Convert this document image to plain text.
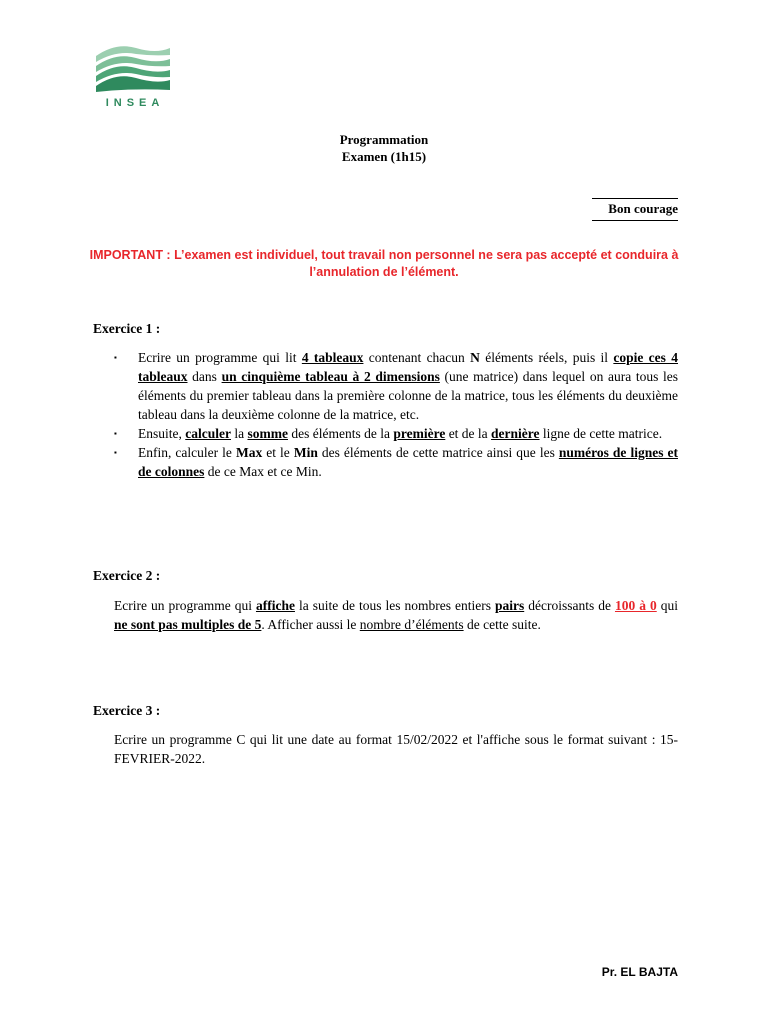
INSEA
Programmation
Examen (1h15)
Bon courage
IMPORTANT : L’examen est individuel, tout travail non personnel ne sera pas accepté et conduira à l’annulation de l’élément.
Exercice 1 :
▪ Ecrire un programme qui lit 4 tableaux contenant chacun N éléments réels, puis il copie ces 4 tableaux dans un cinquième tableau à 2 dimensions (une matrice) dans lequel on aura tous les éléments du premier tableau dans la première colonne de la matrice, tous les éléments du deuxième tableau dans la deuxième colonne de la matrice, etc.
▪ Ensuite, calculer la somme des éléments de la première et de la dernière ligne de cette matrice.
▪ Enfin, calculer le Max et le Min des éléments de cette matrice ainsi que les numéros de lignes et de colonnes de ce Max et ce Min.
Exercice 2 :
Ecrire un programme qui affiche la suite de tous les nombres entiers pairs décroissants de 100 à 0 qui ne sont pas multiples de 5. Afficher aussi le nombre d’éléments de cette suite.
Exercice 3 :
Ecrire un programme C qui lit une date au format 15/02/2022 et l'affiche sous le format suivant : 15-FEVRIER-2022.
Pr. EL BAJTA
